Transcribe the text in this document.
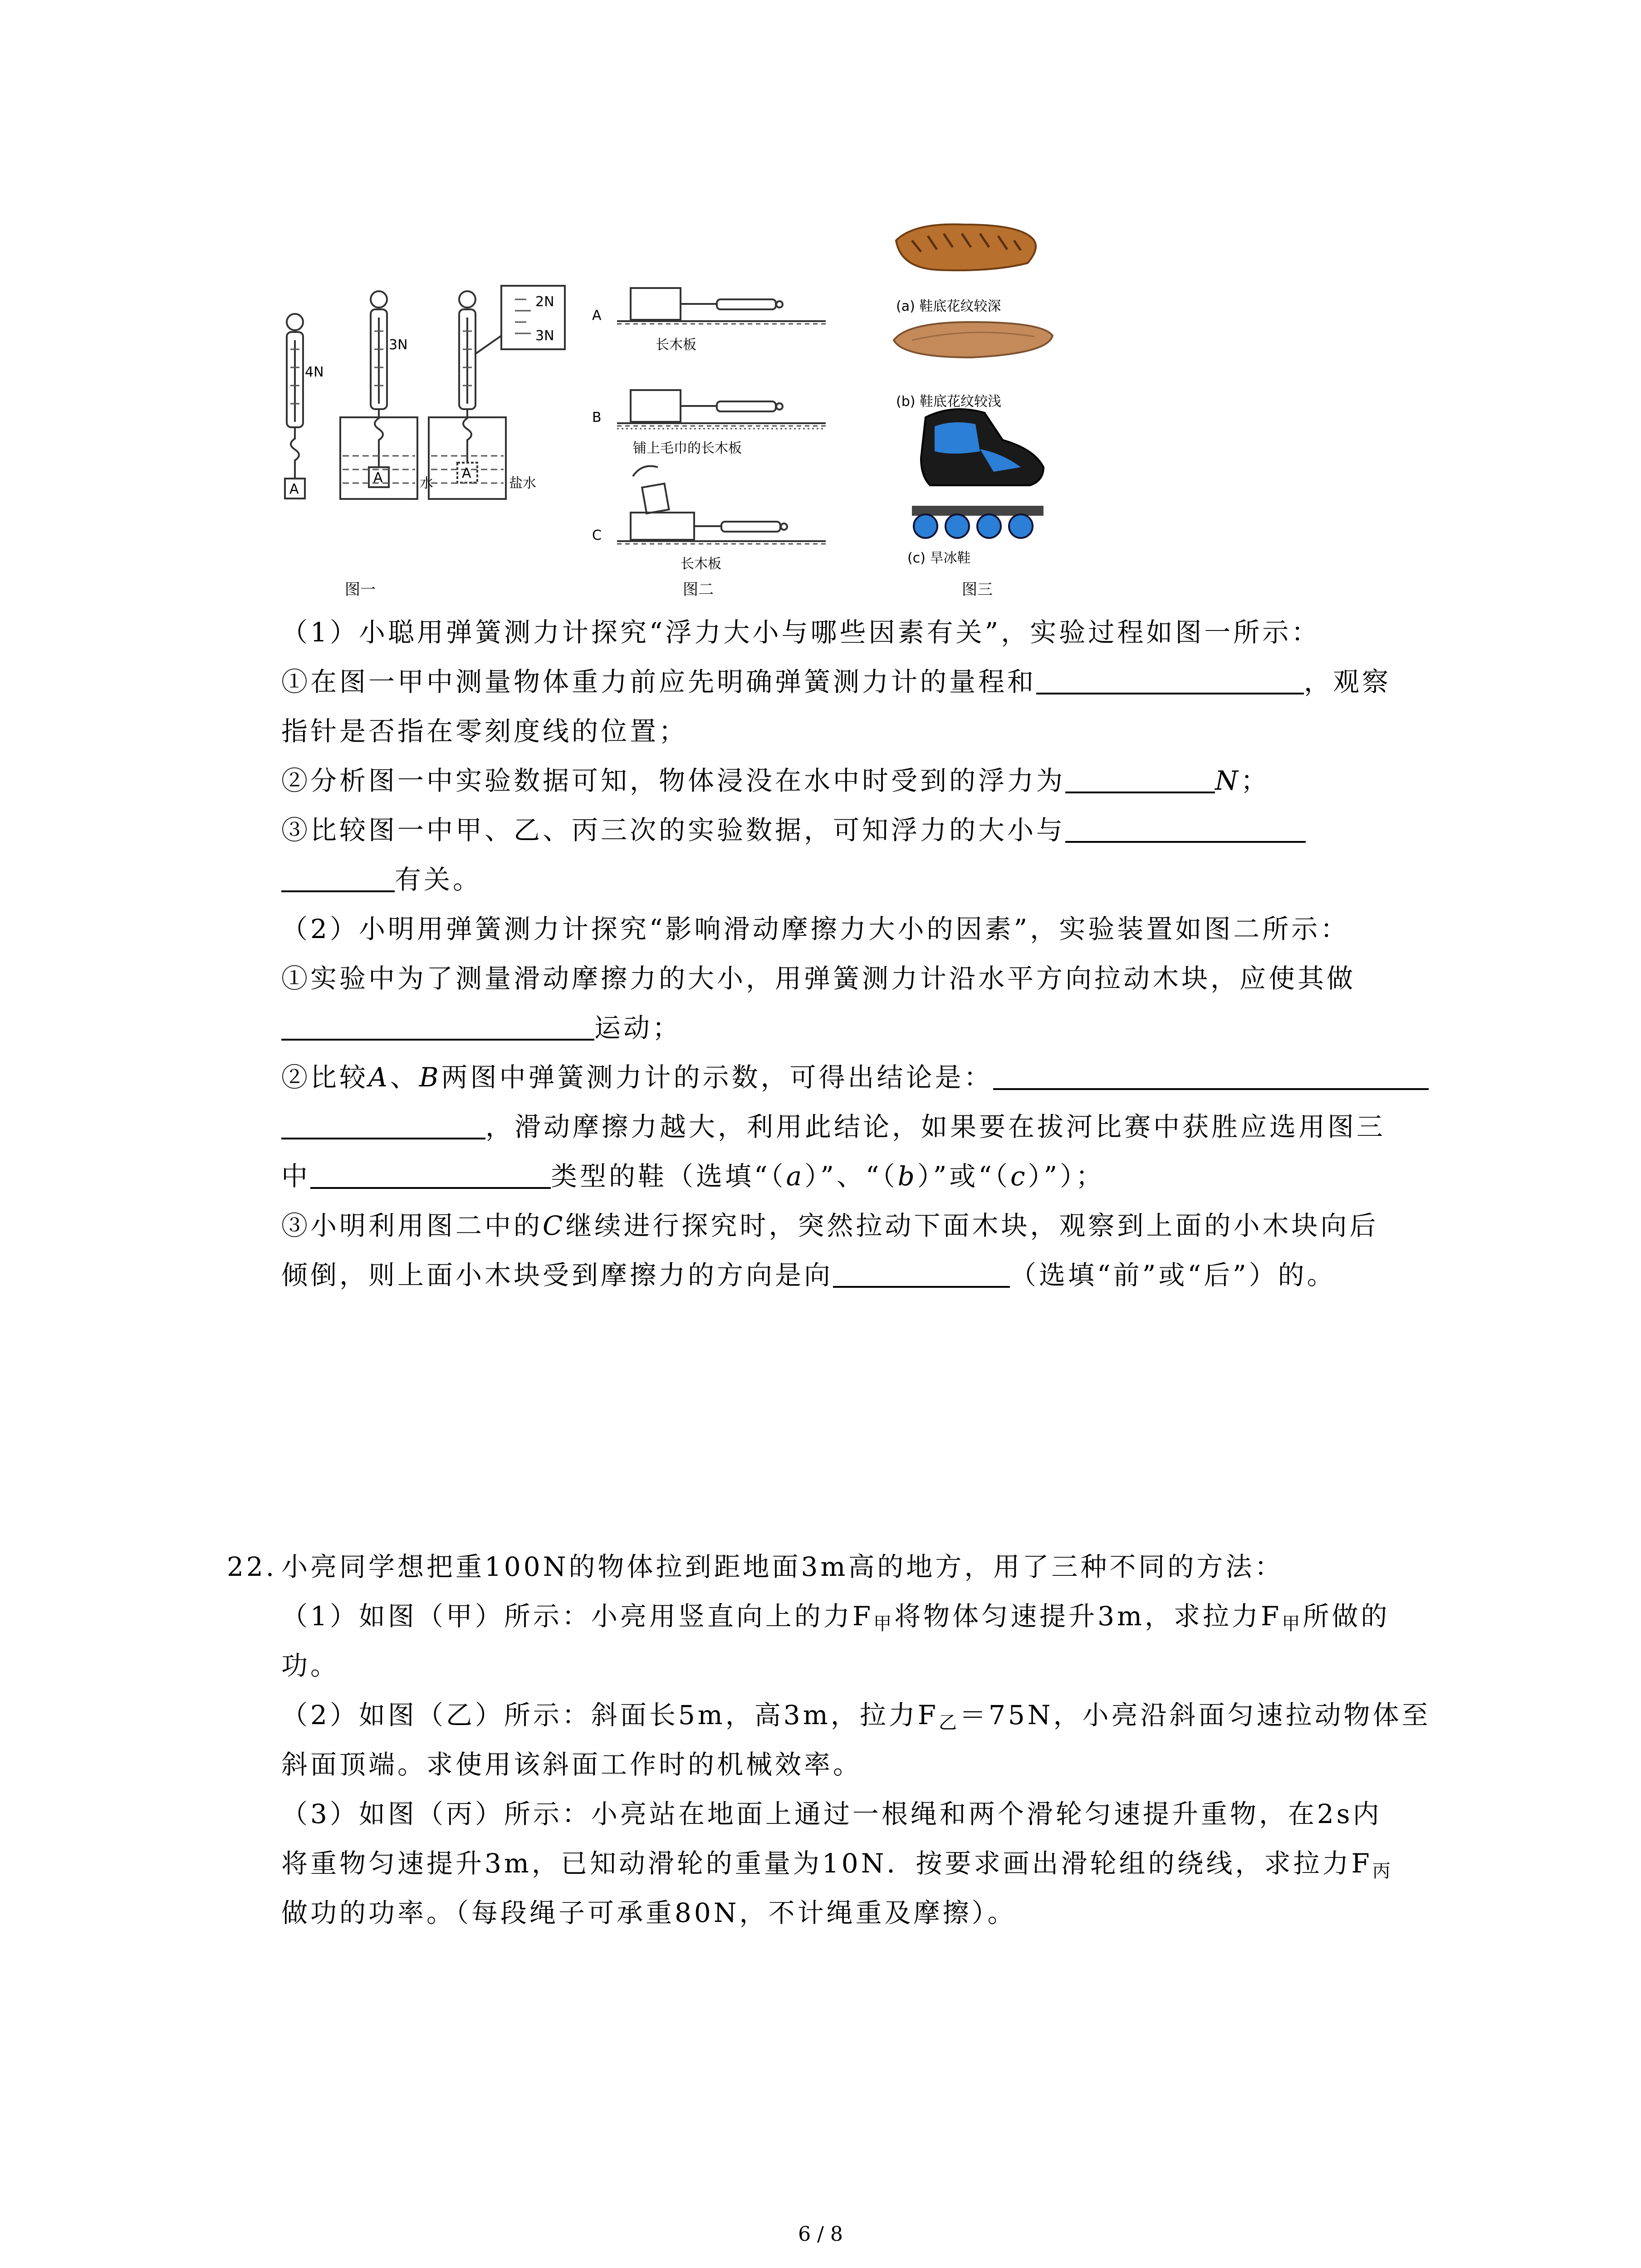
4N
3N
2N
3N
A
A	A
水	盐水
图一
A
B
C
长木板
铺上毛巾的长木板
长木板
图二
(a) 鞋底花纹较深
(b) 鞋底花纹较浅
(c) 旱冰鞋
图三
（1）小聪用弹簧测力计探究“浮力大小与哪些因素有关”，实验过程如图一所示：
①在图一甲中测量物体重力前应先明确弹簧测力计的量程和	，观察
指针是否指在零刻度线的位置；
②分析图一中实验数据可知，物体浸没在水中时受到的浮力为	N；
③比较图一中甲、乙、丙三次的实验数据，可知浮力的大小与
有关。
（2）小明用弹簧测力计探究“影响滑动摩擦力大小的因素”，实验装置如图二所示：
①实验中为了测量滑动摩擦力的大小，用弹簧测力计沿水平方向拉动木块，应使其做
运动；
②比较A、B两图中弹簧测力计的示数，可得出结论是：
，滑动摩擦力越大，利用此结论，如果要在拔河比赛中获胜应选用图三
中	类型的鞋（选填“（a）”、“（b）”或“（c）”）；
③小明利用图二中的C继续进行探究时，突然拉动下面木块，观察到上面的小木块向后
倾倒，则上面小木块受到摩擦力的方向是向	（选填“前”或“后”）的。
22. 小亮同学想把重100N的物体拉到距地面3m高的地方，用了三种不同的方法：
（1）如图（甲）所示：小亮用竖直向上的力$F_甲$将物体匀速提升3m，求拉力$F_甲$所做的
功。
（2）如图（乙）所示：斜面长5m，高3m，拉力$F_乙=75N$，小亮沿斜面匀速拉动物体至
斜面顶端。求使用该斜面工作时的机械效率。
（3）如图（丙）所示：小亮站在地面上通过一根绳和两个滑轮匀速提升重物，在2s内
将重物匀速提升3m，已知动滑轮的重量为10N．按要求画出滑轮组的绕线，求拉力$F_丙$
做功的功率。（每段绳子可承重80N，不计绳重及摩擦）。
6 / 8
